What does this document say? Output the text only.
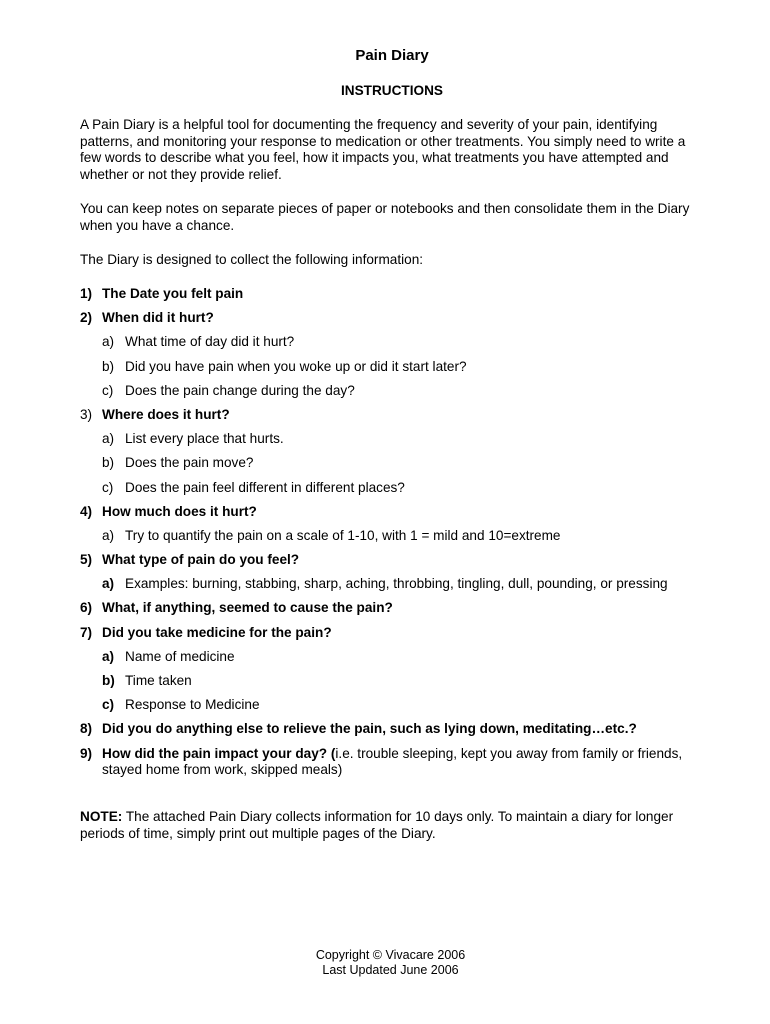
Pain Diary
INSTRUCTIONS
A Pain Diary is a helpful tool for documenting the frequency and severity of your pain, identifying patterns, and monitoring your response to medication or other treatments. You simply need to write a few words to describe what you feel, how it impacts you, what treatments you have attempted and whether or not they provide relief.
You can keep notes on separate pieces of paper or notebooks and then consolidate them in the Diary when you have a chance.
The Diary is designed to collect the following information:
1) The Date you felt pain
2) When did it hurt?
a) What time of day did it hurt?
b) Did you have pain when you woke up or did it start later?
c) Does the pain change during the day?
3) Where does it hurt?
a) List every place that hurts.
b) Does the pain move?
c) Does the pain feel different in different places?
4) How much does it hurt?
a) Try to quantify the pain on a scale of 1-10, with 1 = mild and 10=extreme
5) What type of pain do you feel?
a) Examples: burning, stabbing, sharp, aching, throbbing, tingling, dull, pounding, or pressing
6) What, if anything, seemed to cause the pain?
7) Did you take medicine for the pain?
a) Name of medicine
b) Time taken
c) Response to Medicine
8) Did you do anything else to relieve the pain, such as lying down, meditating…etc.?
9) How did the pain impact your day? (i.e. trouble sleeping, kept you away from family or friends, stayed home from work, skipped meals)
NOTE: The attached Pain Diary collects information for 10 days only. To maintain a diary for longer periods of time, simply print out multiple pages of the Diary.
Copyright © Vivacare 2006
Last Updated June 2006
